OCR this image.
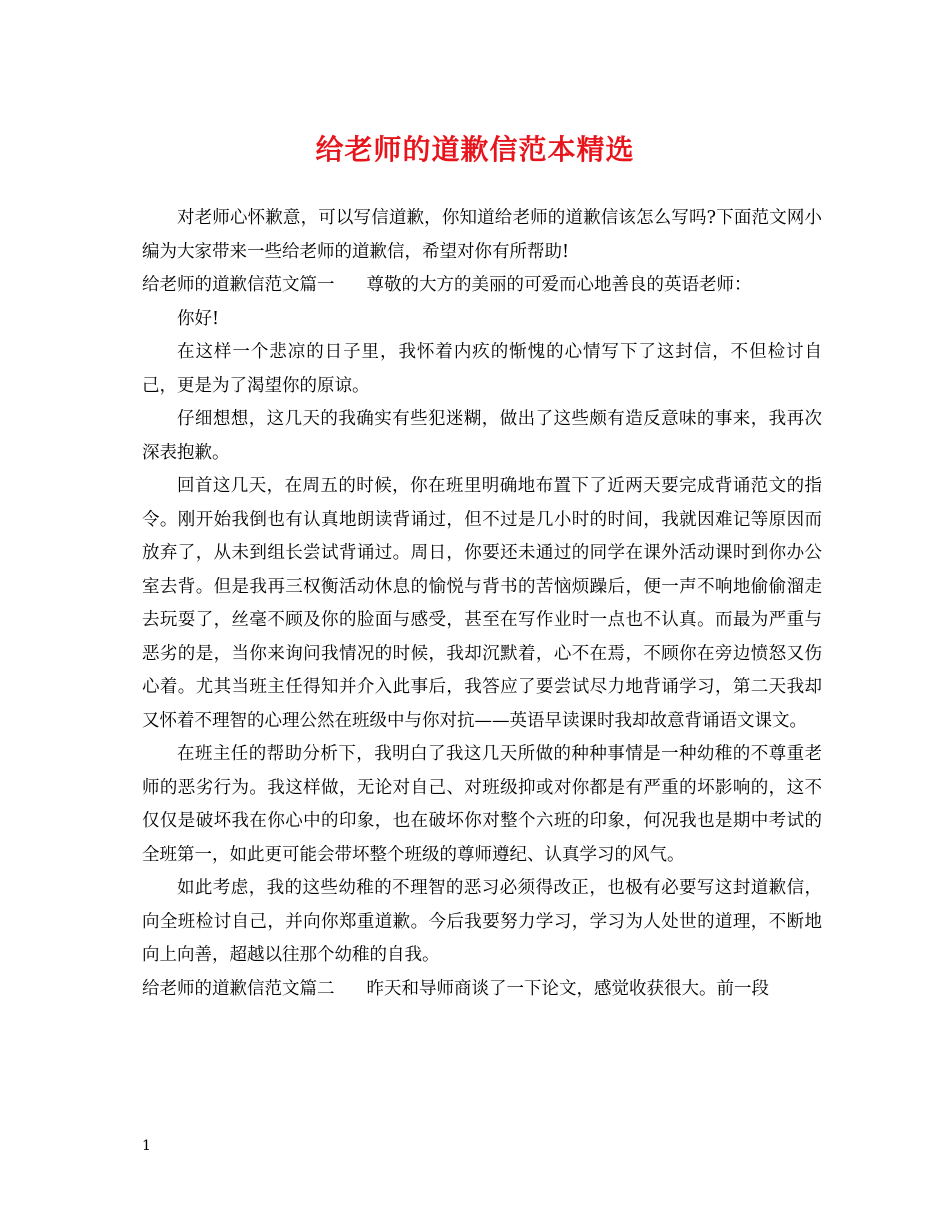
给老师的道歉信范本精选

对老师心怀歉意，可以写信道歉，你知道给老师的道歉信该怎么写吗?下面范文网小编为大家带来一些给老师的道歉信，希望对你有所帮助!

给老师的道歉信范文篇一 尊敬的大方的美丽的可爱而心地善良的英语老师：

你好!

在这样一个悲凉的日子里，我怀着内疚的惭愧的心情写下了这封信，不但检讨自己，更是为了渴望你的原谅。

仔细想想，这几天的我确实有些犯迷糊，做出了这些颇有造反意味的事来，我再次深表抱歉。

回首这几天，在周五的时候，你在班里明确地布置下了近两天要完成背诵范文的指令。刚开始我倒也有认真地朗读背诵过，但不过是几小时的时间，我就因难记等原因而放弃了，从未到组长尝试背诵过。周日，你要还未通过的同学在课外活动课时到你办公室去背。但是我再三权衡活动休息的愉悦与背书的苦恼烦躁后，便一声不响地偷偷溜走去玩耍了，丝毫不顾及你的脸面与感受，甚至在写作业时一点也不认真。而最为严重与恶劣的是，当你来询问我情况的时候，我却沉默着，心不在焉，不顾你在旁边愤怒又伤心着。尤其当班主任得知并介入此事后，我答应了要尝试尽力地背诵学习，第二天我却又怀着不理智的心理公然在班级中与你对抗——英语早读课时我却故意背诵语文课文。

在班主任的帮助分析下，我明白了我这几天所做的种种事情是一种幼稚的不尊重老师的恶劣行为。我这样做，无论对自己、对班级抑或对你都是有严重的坏影响的，这不仅仅是破坏我在你心中的印象，也在破坏你对整个六班的印象，何况我也是期中考试的全班第一，如此更可能会带坏整个班级的尊师遵纪、认真学习的风气。

如此考虑，我的这些幼稚的不理智的恶习必须得改正，也极有必要写这封道歉信，向全班检讨自己，并向你郑重道歉。今后我要努力学习，学习为人处世的道理，不断地向上向善，超越以往那个幼稚的自我。

给老师的道歉信范文篇二 昨天和导师商谈了一下论文，感觉收获很大。前一段

1
